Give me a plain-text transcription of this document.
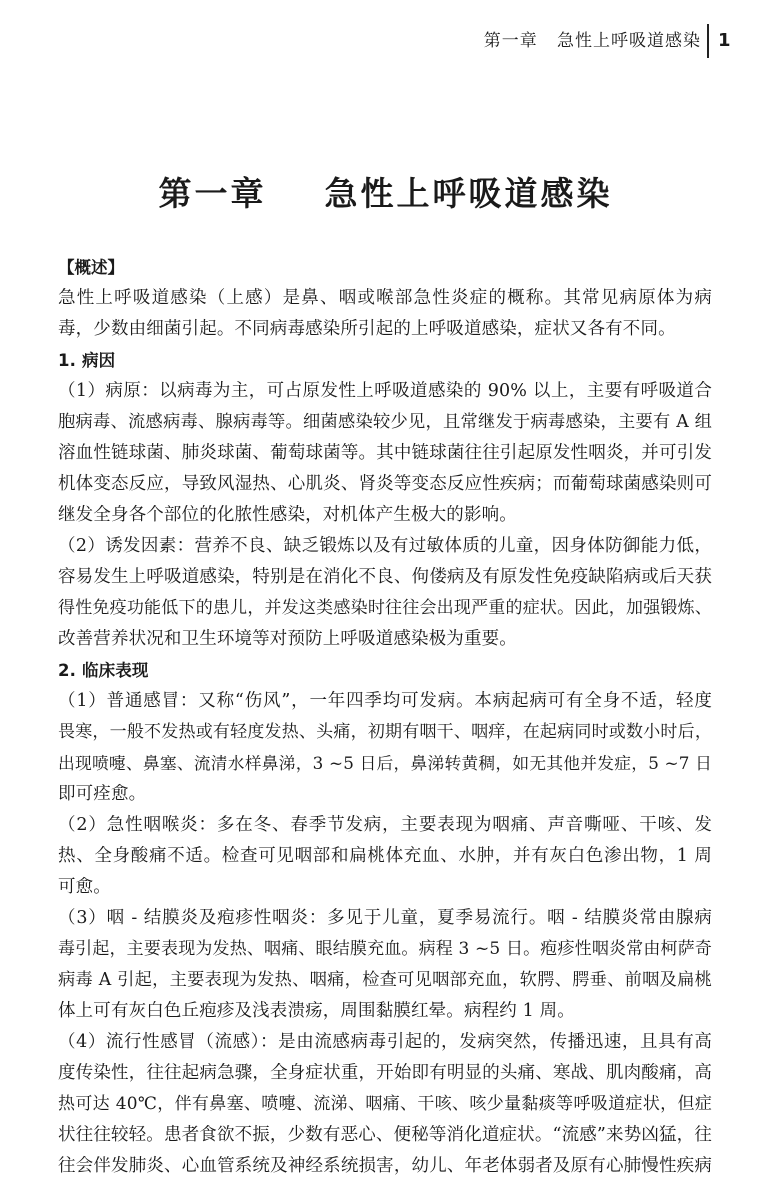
第一章   急性上呼吸道感染 1
第一章    急性上呼吸道感染
【概述】
急性上呼吸道感染（上感）是鼻、咽或喉部急性炎症的概称。其常见病原体为病
毒，少数由细菌引起。不同病毒感染所引起的上呼吸道感染，症状又各有不同。
1. 病因
（1）病原：以病毒为主，可占原发性上呼吸道感染的 90% 以上，主要有呼吸道合
胞病毒、流感病毒、腺病毒等。细菌感染较少见，且常继发于病毒感染，主要有 A 组
溶血性链球菌、肺炎球菌、葡萄球菌等。其中链球菌往往引起原发性咽炎，并可引发
机体变态反应，导致风湿热、心肌炎、肾炎等变态反应性疾病；而葡萄球菌感染则可
继发全身各个部位的化脓性感染，对机体产生极大的影响。
（2）诱发因素：营养不良、缺乏锻炼以及有过敏体质的儿童，因身体防御能力低，
容易发生上呼吸道感染，特别是在消化不良、佝偻病及有原发性免疫缺陷病或后天获
得性免疫功能低下的患儿，并发这类感染时往往会出现严重的症状。因此，加强锻炼、
改善营养状况和卫生环境等对预防上呼吸道感染极为重要。
2. 临床表现
（1）普通感冒：又称“伤风”，一年四季均可发病。本病起病可有全身不适，轻度
畏寒，一般不发热或有轻度发热、头痛，初期有咽干、咽痒，在起病同时或数小时后，
出现喷嚏、鼻塞、流清水样鼻涕，3 ~5 日后，鼻涕转黄稠，如无其他并发症，5 ~7 日
即可痊愈。
（2）急性咽喉炎：多在冬、春季节发病，主要表现为咽痛、声音嘶哑、干咳、发
热、全身酸痛不适。检查可见咽部和扁桃体充血、水肿，并有灰白色渗出物，1 周
可愈。
（3）咽 - 结膜炎及疱疹性咽炎：多见于儿童，夏季易流行。咽 - 结膜炎常由腺病
毒引起，主要表现为发热、咽痛、眼结膜充血。病程 3 ~5 日。疱疹性咽炎常由柯萨奇
病毒 A 引起，主要表现为发热、咽痛，检查可见咽部充血，软腭、腭垂、前咽及扁桃
体上可有灰白色丘疱疹及浅表溃疡，周围黏膜红晕。病程约 1 周。
（4）流行性感冒（流感）：是由流感病毒引起的，发病突然，传播迅速，且具有高
度传染性，往往起病急骤，全身症状重，开始即有明显的头痛、寒战、肌肉酸痛，高
热可达 40℃，伴有鼻塞、喷嚏、流涕、咽痛、干咳、咳少量黏痰等呼吸道症状，但症
状往往较轻。患者食欲不振，少数有恶心、便秘等消化道症状。“流感”来势凶猛，往
往会伴发肺炎、心血管系统及神经系统损害，幼儿、年老体弱者及原有心肺慢性疾病
